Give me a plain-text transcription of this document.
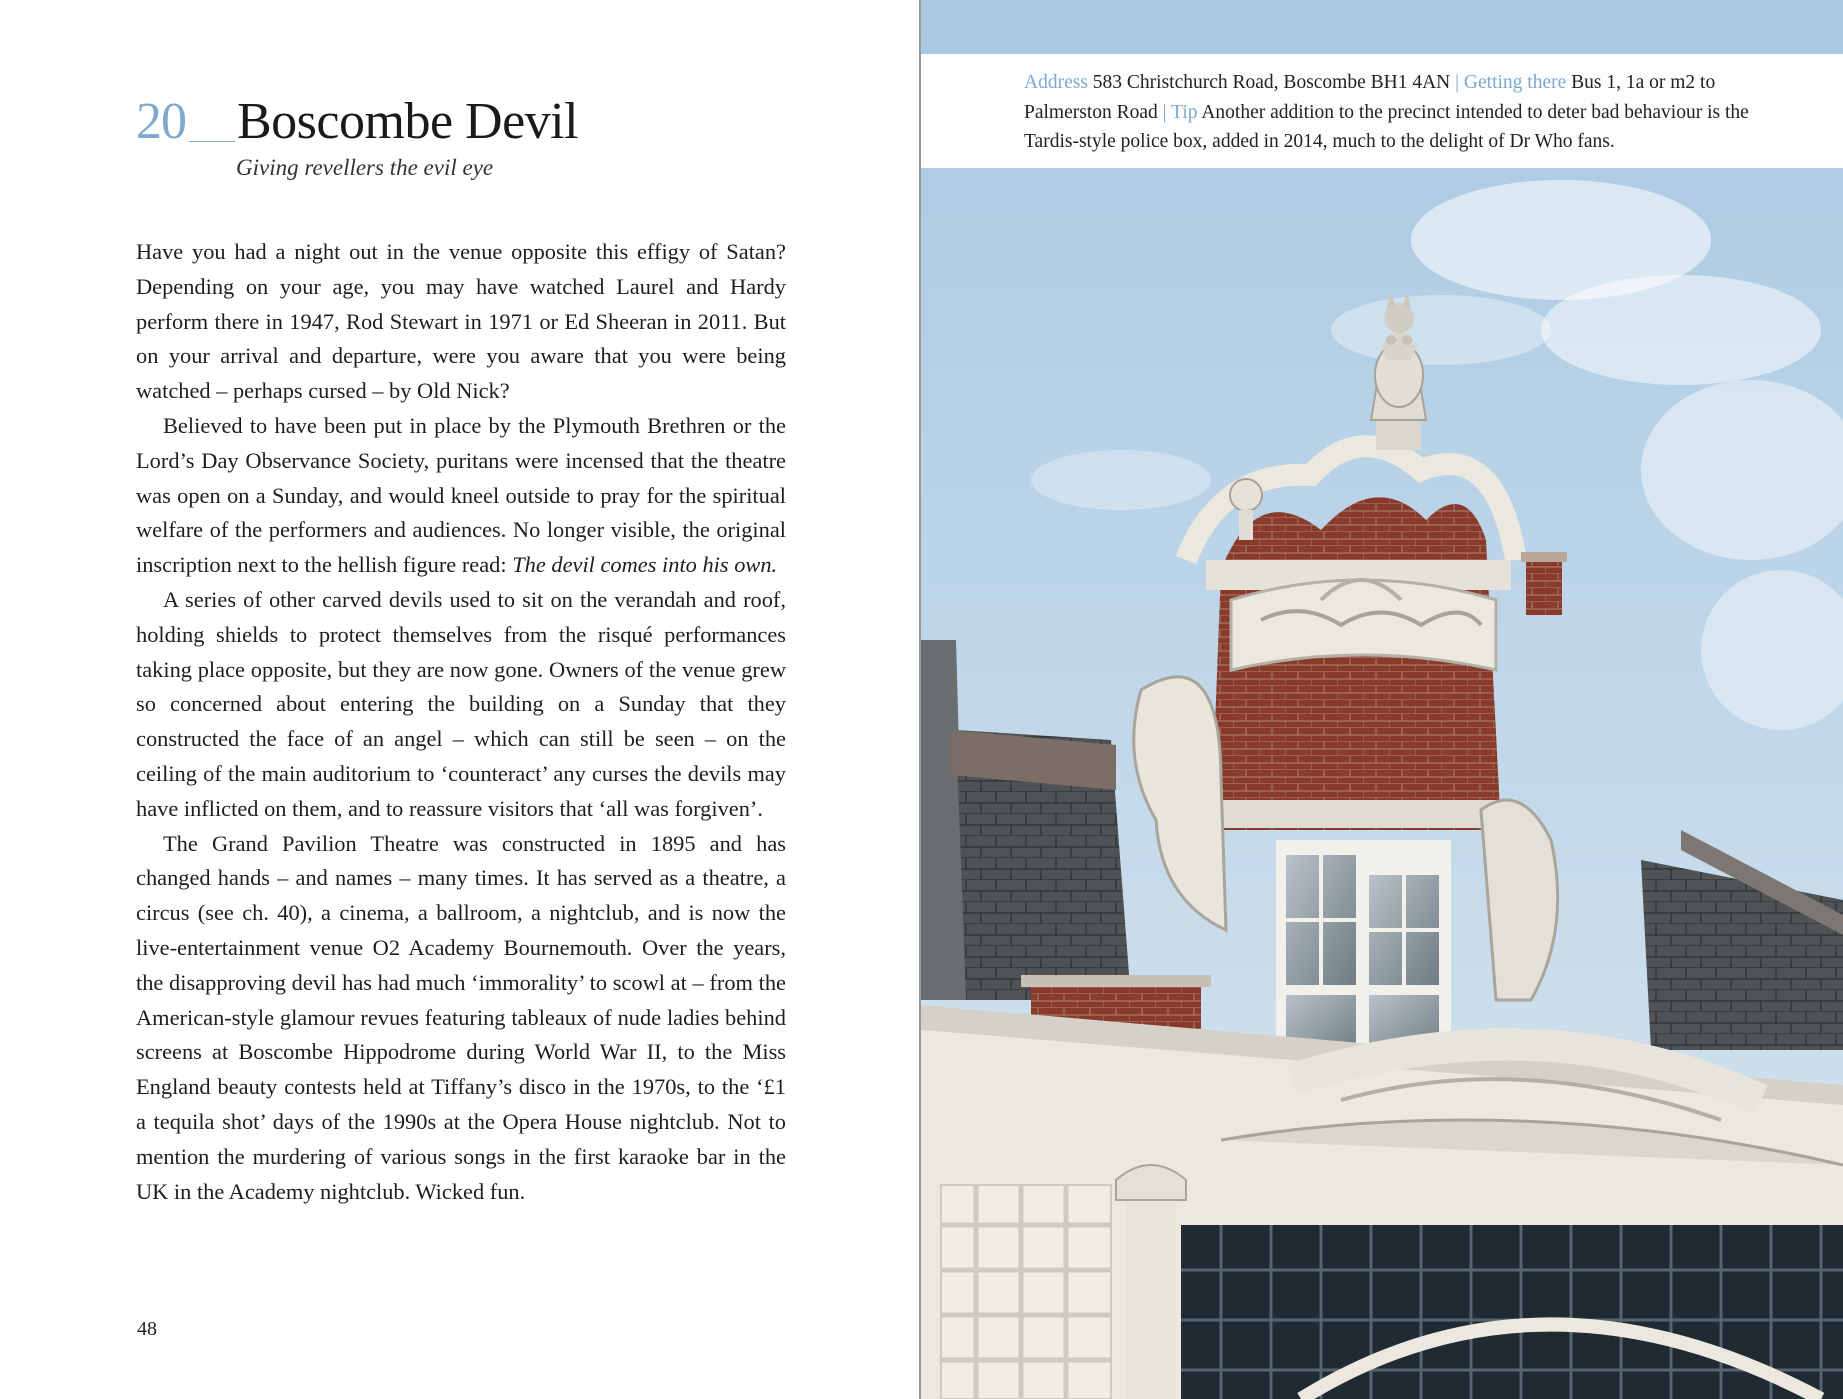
20 Boscombe Devil
Giving revellers the evil eye

Have you had a night out in the venue opposite this effigy of Satan? Depending on your age, you may have watched Laurel and Hardy perform there in 1947, Rod Stewart in 1971 or Ed Sheeran in 2011. But on your arrival and departure, were you aware that you were being watched – perhaps cursed – by Old Nick?

Believed to have been put in place by the Plymouth Brethren or the Lord’s Day Observance Society, puritans were incensed that the theatre was open on a Sunday, and would kneel outside to pray for the spiritual welfare of the performers and audiences. No longer visible, the original inscription next to the hellish figure read: The devil comes into his own.

A series of other carved devils used to sit on the verandah and roof, holding shields to protect themselves from the risqué performances taking place opposite, but they are now gone. Owners of the venue grew so concerned about entering the building on a Sunday that they constructed the face of an angel – which can still be seen – on the ceiling of the main auditorium to ‘counteract’ any curses the devils may have inflicted on them, and to reassure visitors that ‘all was forgiven’.

The Grand Pavilion Theatre was constructed in 1895 and has changed hands – and names – many times. It has served as a theatre, a circus (see ch. 40), a cinema, a ballroom, a nightclub, and is now the live-entertainment venue O2 Academy Bournemouth. Over the years, the disapproving devil has had much ‘immorality’ to scowl at – from the American-style glamour revues featuring tableaux of nude ladies behind screens at Boscombe Hippodrome during World War II, to the Miss England beauty contests held at Tiffany’s disco in the 1970s, to the ‘£1 a tequila shot’ days of the 1990s at the Opera House nightclub. Not to mention the murdering of various songs in the first karaoke bar in the UK in the Academy nightclub. Wicked fun.

48
Address 583 Christchurch Road, Boscombe BH1 4AN | Getting there Bus 1, 1a or m2 to Palmerston Road | Tip Another addition to the precinct intended to deter bad behaviour is the Tardis-style police box, added in 2014, much to the delight of Dr Who fans.
